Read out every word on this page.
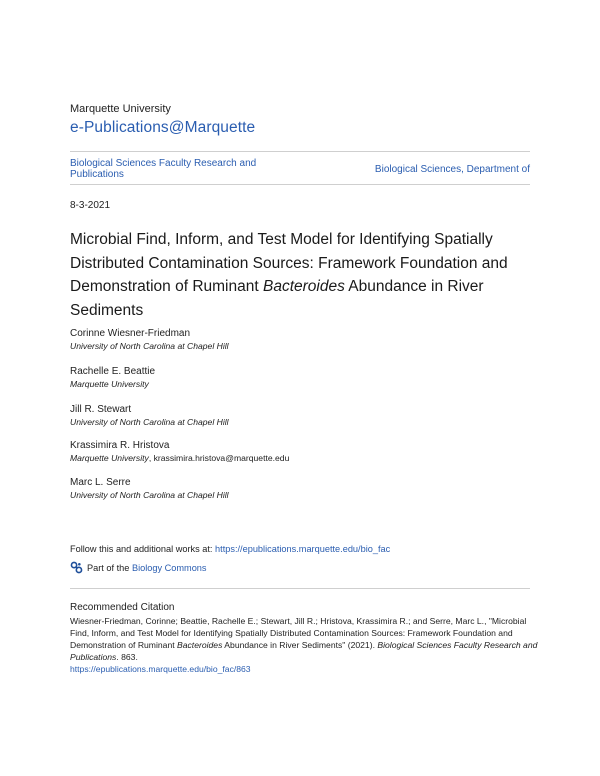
Marquette University
e-Publications@Marquette
Biological Sciences Faculty Research and Publications	Biological Sciences, Department of
8-3-2021
Microbial Find, Inform, and Test Model for Identifying Spatially Distributed Contamination Sources: Framework Foundation and Demonstration of Ruminant Bacteroides Abundance in River Sediments
Corinne Wiesner-Friedman
University of North Carolina at Chapel Hill
Rachelle E. Beattie
Marquette University
Jill R. Stewart
University of North Carolina at Chapel Hill
Krassimira R. Hristova
Marquette University, krassimira.hristova@marquette.edu
Marc L. Serre
University of North Carolina at Chapel Hill
Follow this and additional works at: https://epublications.marquette.edu/bio_fac
Part of the Biology Commons
Recommended Citation
Wiesner-Friedman, Corinne; Beattie, Rachelle E.; Stewart, Jill R.; Hristova, Krassimira R.; and Serre, Marc L., "Microbial Find, Inform, and Test Model for Identifying Spatially Distributed Contamination Sources: Framework Foundation and Demonstration of Ruminant Bacteroides Abundance in River Sediments" (2021). Biological Sciences Faculty Research and Publications. 863.
https://epublications.marquette.edu/bio_fac/863
